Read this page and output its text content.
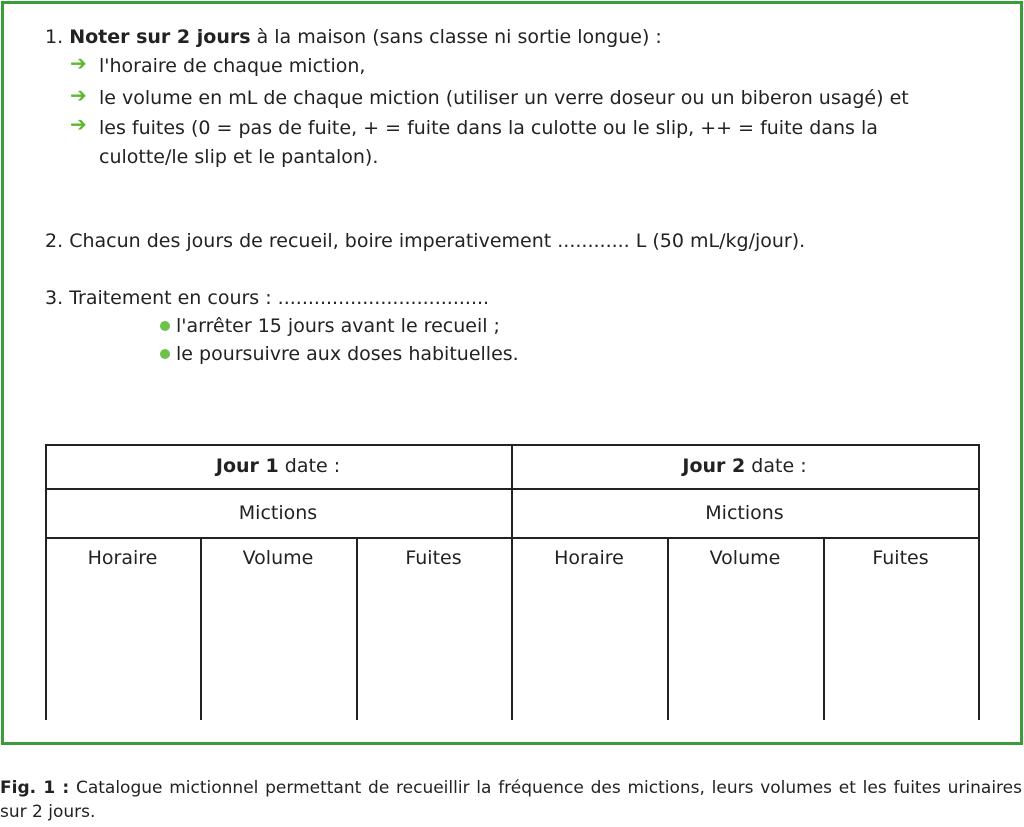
1. Noter sur 2 jours à la maison (sans classe ni sortie longue) :
➔ l'horaire de chaque miction,
➔ le volume en mL de chaque miction (utiliser un verre doseur ou un biberon usagé) et
➔ les fuites (0 = pas de fuite, + = fuite dans la culotte ou le slip, ++ = fuite dans la
culotte/le slip et le pantalon).
2. Chacun des jours de recueil, boire imperativement ............ L (50 mL/kg/jour).
3. Traitement en cours : ...................................
l'arrêter 15 jours avant le recueil ;
le poursuivre aux doses habituelles.
Jour 1 date :	Jour 2 date :
Mictions	Mictions
Horaire	Volume	Fuites	Horaire	Volume	Fuites
Fig. 1 : Catalogue mictionnel permettant de recueillir la fréquence des mictions, leurs volumes et les fuites urinaires sur 2 jours.
